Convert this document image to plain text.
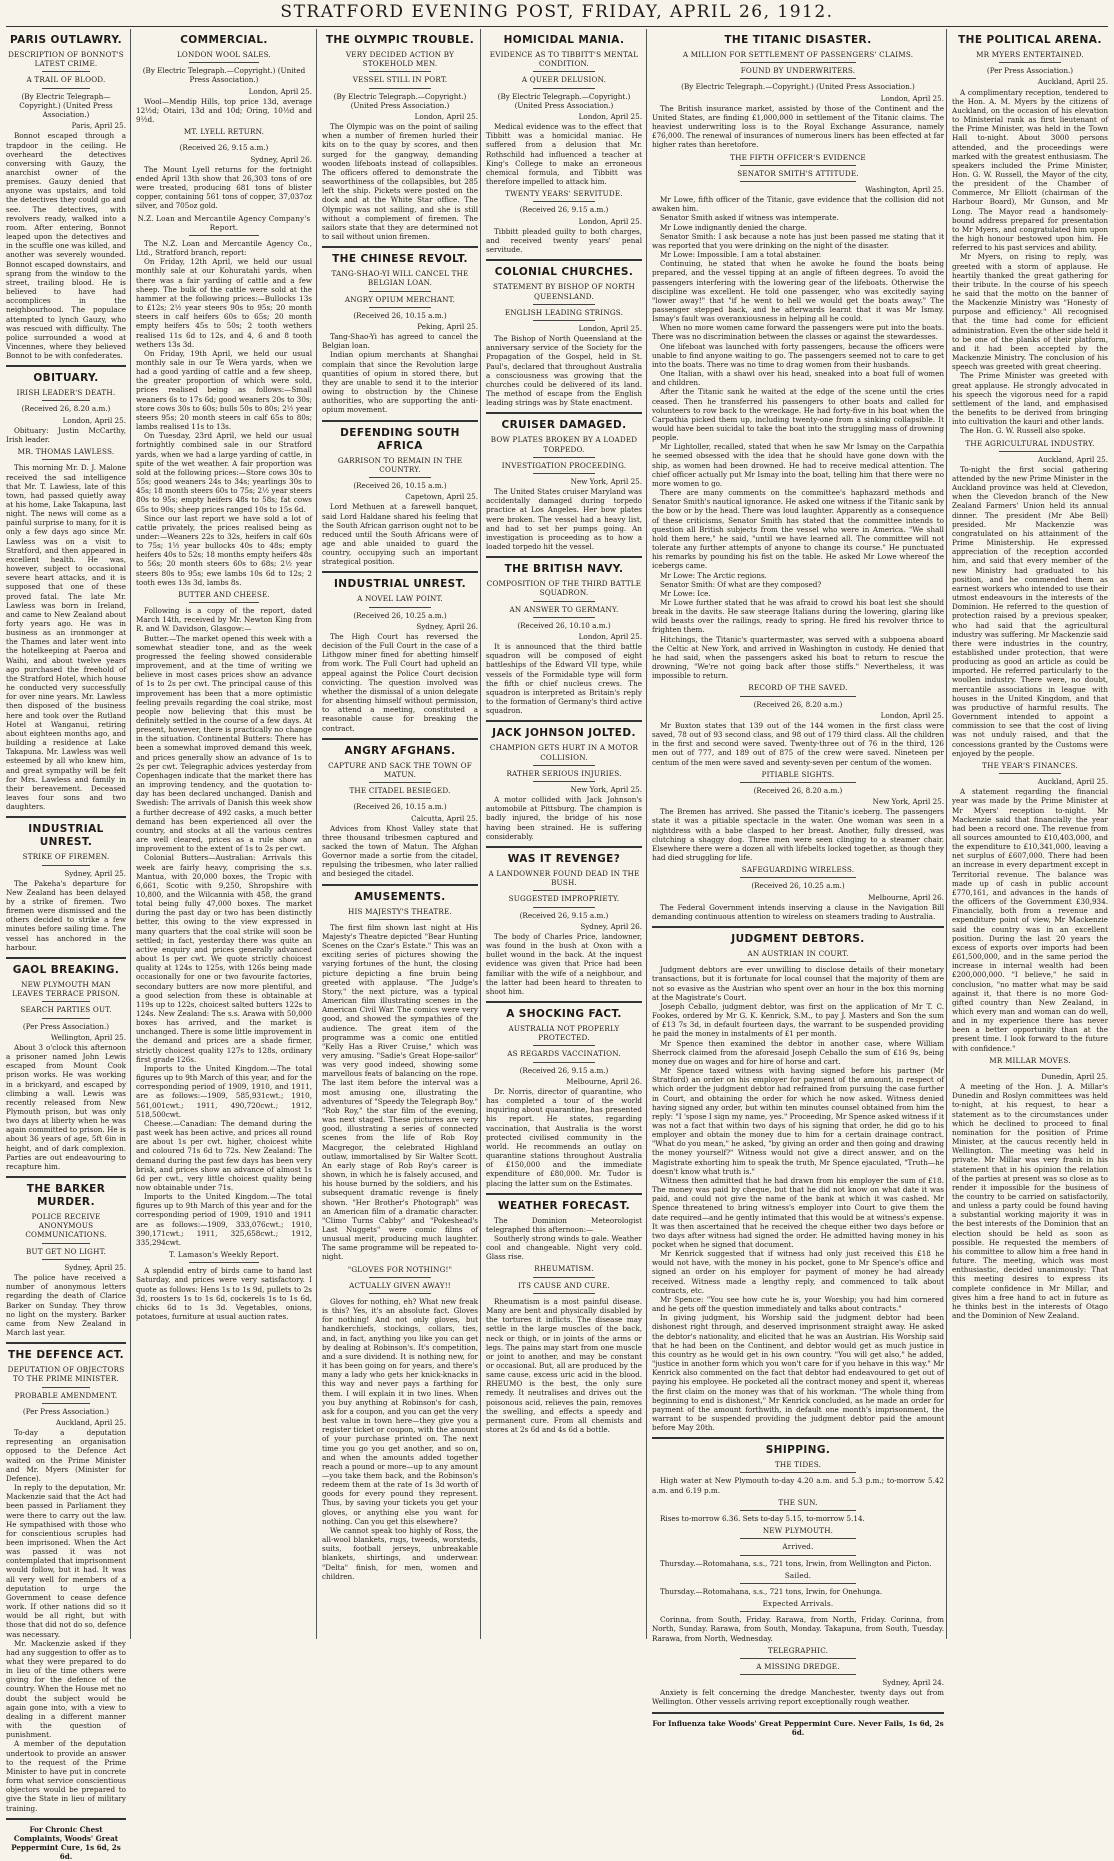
STRATFORD EVENING POST, FRIDAY, APRIL 26, 1912.
PARIS OUTLAWRY.
DESCRIPTION OF BONNOT'S LATEST CRIME.
A TRAIL OF BLOOD.
(By Electric Telegraph—Copyright.) (United Press Association.)
Paris, April 25.

Bonnot escaped through a trapdoor in the ceiling. He overheard the detectives conversing with Gauzy, the anarchist owner of the premises. Gauzy denied that anyone was upstairs, and told the detectives they could go and see. The detectives, with revolvers ready, walked into a room. After entering, Bonnot leaped upon the detectives and in the scuffle one was killed, and another was severely wounded. Bonnot escaped downstairs, and sprang from the window to the street, trailing blood. He is believed to have had accomplices in the neighbourhood. The populace attempted to lynch Gauzy, who was rescued with difficulty. The police surrounded a wood at Vincennes, where they believed Bonnot to be with confederates.

OBITUARY.
IRISH LEADER'S DEATH.
(Received 26, 8.20 a.m.)
London, April 25.

Obituary: Justin McCarthy, Irish leader.

MR. THOMAS LAWLESS.

This morning Mr. D. J. Malone received the sad intelligence that Mr. T. Lawless, late of this town, had passed quietly away at his home, Lake Takapuna, last night. The news will come as a painful surprise to many, for it is only a few days ago since Mr. Lawless was on a visit to Stratford, and then appeared in excellent health. He was, however, subject to occasional severe heart attacks, and it is supposed that one of these proved fatal. The late Mr. Lawless was born in Ireland, and came to New Zealand about forty years ago. He was in business as an ironmonger at the Thames and later went into the hotelkeeping at Paeroa and Waihi, and about twelve years ago purchased the freehold of the Stratford Hotel, which house he conducted very successfully for over nine years. Mr. Lawless then disposed of the business here and took over the Rutland Hotel at Wanganui, retiring about eighteen months ago, and building a residence at Lake Takapuna. Mr. Lawless was well esteemed by all who knew him, and great sympathy will be felt for Mrs. Lawless and family in their bereavement. Deceased leaves four sons and two daughters.

INDUSTRIAL UNREST.
STRIKE OF FIREMEN.
Sydney, April 25.

The Pakeha's departure for New Zealand has been delayed by a strike of firemen. Two firemen were dismissed and the others decided to strike a few minutes before sailing time. The vessel has anchored in the harbour.

GAOL BREAKING.
NEW PLYMOUTH MAN LEAVES TERRACE PRISON.
SEARCH PARTIES OUT.
(Per Press Association.)
Wellington, April 25.

About 3 o'clock this afternoon a prisoner named John Lewis escaped from Mount Cook prison works. He was working in a brickyard, and escaped by climbing a wall. Lewis was recently released from New Plymouth prison, but was only two days at liberty when he was again committed to prison. He is about 36 years of age, 5ft 6in in height, and of dark complexion. Parties are out endeavouring to recapture him.

THE BARKER MURDER.
POLICE RECEIVE ANONYMOUS COMMUNICATIONS.
BUT GET NO LIGHT.
Sydney, April 25.

The police have received a number of anonymous letters regarding the death of Clarice Barker on Sunday. They throw no light on the mystery. Barker came from New Zealand in March last year.

THE DEFENCE ACT.
DEPUTATION OF OBJECTORS TO THE PRIME MINISTER.
PROBABLE AMENDMENT.
(Per Press Association.)
Auckland, April 25.

To-day a deputation representing an organisation opposed to the Defence Act waited on the Prime Minister and Mr. Myers (Minister for Defence).

In reply to the deputation, Mr. Mackenzie said that the Act had been passed in Parliament they were there to carry out the law. He sympathised with those who for conscientious scruples had been imprisoned. When the Act was passed it was not contemplated that imprisonment would follow, but it had. It was all very well for members of a deputation to urge the Government to cease defence work. If other nations did so it would be all right, but with those that did not do so, defence was necessary.

Mr. Mackenzie asked if they had any suggestion to offer as to what they were prepared to do in lieu of the time others were giving for the defence of the country. When the House met no doubt the subject would be again gone into, with a view to dealing in a different manner with the question of punishment.

A member of the deputation undertook to provide an answer to the request of the Prime Minister to have put in concrete form what service conscientious objectors would be prepared to give the State in lieu of military training.

For Chronic Chest Complaints, Woods' Great Peppermint Cure, 1s 6d, 2s 6d.
COMMERCIAL.
LONDON WOOL SALES.
(By Electric Telegraph.—Copyright.) (United Press Association.)
London, April 25.

Wool—Mendip Hills, top price 13d, average 12½d; Otairi, 13d and 10d; Oring, 10½d and 9½d.

MT. LYELL RETURN.
(Received 26, 9.15 a.m.)
Sydney, April 26.

The Mount Lyell returns for the fortnight ended April 13th show that 26,303 tons of ore were treated, producing 681 tons of blister copper, containing 561 tons of copper, 37,037oz silver, and 705oz gold.

N.Z. Loan and Mercantile Agency Company's Report.

The N.Z. Loan and Mercantile Agency Co., Ltd., Stratford branch, report:

On Friday, 12th April, we held our usual monthly sale at our Kohuratahi yards, when there was a fair yarding of cattle and a few sheep. The bulk of the cattle were sold at the hammer at the following prices:—Bullocks 13s to £12s; 2½ year steers 90s to 95s; 20 month steers in calf heifers 60s to 65s; 20 month empty heifers 45s to 50s; 2 tooth wethers realised 11s 6d to 12s, and 4, 6 and 8 tooth wethers 13s 3d.

On Friday, 19th April, we held our usual monthly sale in our Te Wera yards, when we had a good yarding of cattle and a few sheep, the greater proportion of which were sold, prices realised being as follows:—Small weaners 6s to 17s 6d; good weaners 20s to 30s; store cows 30s to 60s; bulls 50s to 80s; 2½ year steers 95s; 20 month steers in calf 65s to 80s; lambs realised 11s to 13s.

On Tuesday, 23rd April, we held our usual fortnightly combined sale in our Stratford yards, when we had a large yarding of cattle, in spite of the wet weather. A fair proportion was sold at the following prices:—Store cows 30s to 55s; good weaners 24s to 34s; yearlings 30s to 45s; 18 month steers 60s to 75s; 2½ year steers 80s to 95s; empty heifers 48s to 58s; fat cows 65s to 90s; sheep prices ranged 10s to 15s 6d.

Since our last report we have sold a lot of cattle privately, the prices realised being as under:—Weaners 22s to 32s, heifers in calf 60s to 75s; 1½ year bullocks 40s to 48s; empty heifers 40s to 52s; 18 months empty heifers 48s to 56s; 20 month steers 60s to 68s; 2½ year steers 80s to 95s; ewe lambs 10s 6d to 12s; 2 tooth ewes 13s 3d, lambs 8s.

BUTTER AND CHEESE.

Following is a copy of the report, dated March 14th, received by Mr. Newton King from R. and W. Davidson, Glasgow:—

Butter.—The market opened this week with a somewhat steadier tone, and as the week progressed the feeling showed considerable improvement, and at the time of writing we believe in most cases prices show an advance of 1s to 2s per cwt. The principal cause of this improvement has been that a more optimistic feeling prevails regarding the coal strike, most people now believing that this must be definitely settled in the course of a few days. At present, however, there is practically no change in the situation. Continental Butters: There has been a somewhat improved demand this week, and prices generally show an advance of 1s to 2s per cwt. Telegraphic advices yesterday from Copenhagen indicate that the market there has an improving tendency, and the quotation to-day has been declared unchanged. Danish and Swedish: The arrivals of Danish this week show a further decrease of 492 casks, a much better demand has been experienced all over the country, and stocks at all the various centres are well cleared, prices as a rule show an improvement to the extent of 1s to 2s per cwt.

Colonial Butters—Australian: Arrivals this week are fairly heavy, comprising the s.s. Mantua, with 20,000 boxes, the Tropic with 6,661, Scotic with 9,250, Shropshire with 10,800, and the Wilcannia with 458, the grand total being fully 47,000 boxes. The market during the past day or two has been distinctly better, this owing to the view expressed in many quarters that the coal strike will soon be settled; in fact, yesterday there was quite an active enquiry and prices generally advanced about 1s per cwt. We quote strictly choicest quality at 124s to 125s, with 126s being made occasionally for one or two favourite factories, secondary butters are now more plentiful, and a good selection from these is obtainable at 119s up to 122s, choicest salted butters 122s to 124s. New Zealand: The s.s. Arawa with 50,000 boxes has arrived, and the market is unchanged. There is some little improvement in the demand and prices are a shade firmer, strictly choicest quality 127s to 128s, ordinary first grade 126s.

Imports to the United Kingdom.—The total figures up to 9th March of this year, and for the corresponding period of 1909, 1910, and 1911, are as follows:—1909, 585,931cwt.; 1910, 561,001cwt.; 1911, 490,720cwt.; 1912, 518,500cwt.

Cheese.—Canadian: The demand during the past week has been active, and prices all round are about 1s per cwt. higher, choicest white and coloured 71s 6d to 72s. New Zealand: The demand during the past few days has been very brisk, and prices show an advance of almost 1s 6d per cwt., very little choicest quality being now obtainable under 71s.

Imports to the United Kingdom.—The total figures up to 9th March of this year and for the corresponding period of 1909, 1910 and 1911 are as follows:—1909, 333,076cwt.; 1910, 390,171cwt.; 1911, 325,658cwt.; 1912, 335,294cwt.

T. Lamason's Weekly Report.

A splendid entry of birds came to hand last Saturday, and prices were very satisfactory. I quote as follows: Hens 1s to 1s 9d, pullets to 2s 3d, roosters 1s to 1s 6d, cockerels 1s to 1s 6d, chicks 6d to 1s 3d. Vegetables, onions, potatoes, furniture at usual auction rates.

THE OLYMPIC TROUBLE.
VERY DECIDED ACTION BY STOKEHOLD MEN.
VESSEL STILL IN PORT.
(By Electric Telegraph.—Copyright.) (United Press Association.)
London, April 25.

The Olympic was on the point of sailing when a number of firemen hurled their kits on to the quay by scores, and then surged for the gangway, demanding wooden lifeboats instead of collapsibles. The officers offered to demonstrate the seaworthiness of the collapsibles, but 285 left the ship. Pickets were posted on the dock and at the White Star office. The Olympic was not sailing, and she is still without a complement of firemen. The sailors state that they are determined not to sail without union firemen.

THE CHINESE REVOLT.
TANG-SHAO-YI WILL CANCEL THE BELGIAN LOAN.
ANGRY OPIUM MERCHANT.
(Received 26, 10.15 a.m.)
Peking, April 25.

Tang-Shao-Yi has agreed to cancel the Belgian loan.

Indian opium merchants at Shanghai complain that since the Revolution large quantities of opium in stored there, but they are unable to send it to the interior owing to obstruction by the Chinese authorities, who are supporting the anti-opium movement.

DEFENDING SOUTH AFRICA
GARRISON TO REMAIN IN THE COUNTRY.
(Received 26, 10.15 a.m.)
Capetown, April 25.

Lord Methuen at a farewell banquet, said Lord Haldane shared his feeling that the South African garrison ought not to be reduced until the South Africans were of age and able unaided to guard the country, occupying such an important strategical position.

INDUSTRIAL UNREST.
A NOVEL LAW POINT.
(Received 26, 10.25 a.m.)
Sydney, April 26.

The High Court has reversed the decision of the Full Court in the case of a Lithgow miner fined for abetting himself from work. The Full Court had upheld an appeal against the Police Court decision convicting. The question involved was whether the dismissal of a union delegate for absenting himself without permission, to attend a meeting, constituted a reasonable cause for breaking the contract.

ANGRY AFGHANS.
CAPTURE AND SACK THE TOWN OF MATUN.
THE CITADEL BESIEGED.
(Received 26, 10.15 a.m.)
Calcutta, April 25.

Advices from Khost Valley state that three thousand tribesmen captured and sacked the town of Matun. The Afghan Governor made a sortie from the citadel, repulsing the tribesmen, who later rallied and besieged the citadel.

AMUSEMENTS.
HIS MAJESTY'S THEATRE.

The first film shown last night at His Majesty's Theatre depicted "Bear Hunting Scenes on the Czar's Estate." This was an exciting series of pictures showing the varying fortunes of the hunt, the closing picture depicting a fine bruin being greeted with applause. "The Judge's Story," the next picture, was a typical American film illustrating scenes in the American Civil War. The comics were very good, and showed the sympathies of the audience. The great item of the programme was a comic one entitled "Kelly Has a River Cruise," which was very amusing. "Sadie's Great Hope-sailor" was very good indeed, showing some marvellous feats of balancing on the rope. The last item before the interval was a most amusing one, illustrating the adventures of "Speedy the Telegraph Boy." "Rob Roy," the star film of the evening, was next staged. These pictures are very good, illustrating a series of connected scenes from the life of Rob Roy Macgregor, the celebrated Highland outlaw, immortalised by Sir Walter Scott. An early stage of Rob Roy's career is shown, in which he is falsely accused, and his house burned by the soldiers, and his subsequent dramatic revenge is finely shown. "Her Brother's Photograph" was an American film of a dramatic character. "Climo Turns Cabby" and "Pokeshead's Last Nuggets" were comic films of unusual merit, producing much laughter. The same programme will be repeated to-night.

"GLOVES FOR NOTHING!"
ACTUALLY GIVEN AWAY!!

Gloves for nothing, eh? What new freak is this? Yes, it's an absolute fact. Gloves for nothing! And not only gloves, but handkerchiefs, stockings, collars, ties, and, in fact, anything you like you can get by dealing at Robinson's. It's competition, and a sure dividend. It is nothing new, for it has been going on for years, and there's many a lady who gets her knick-knacks in this way and never pays a farthing for them. I will explain it in two lines. When you buy anything at Robinson's for cash, ask for a coupon, and you can get the very best value in town here—they give you a register ticket or coupon, with the amount of your purchase printed on. The next time you go you get another, and so on, and when the amounts added together reach a pound or more—up to any amount—you take them back, and the Robinson's redeem them at the rate of 1s 3d worth of goods for every pound they represent. Thus, by saving your tickets you get your gloves, or anything else you want for nothing. Can you get this elsewhere?

We cannot speak too highly of Ross, the all-wool blankets, rugs, tweeds, worsteds, suits, football jerseys, unbreakable blankets, shirtings, and underwear. "Delta" finish, for men, women and children.

HOMICIDAL MANIA.
EVIDENCE AS TO TIBBITT'S MENTAL CONDITION.
A QUEER DELUSION.
(By Electric Telegraph.—Copyright.) (United Press Association.)
London, April 25.

Medical evidence was to the effect that Tibbitt was a homicidal maniac. He suffered from a delusion that Mr. Rothschild had influenced a teacher at King's College to make an erroneous chemical formula, and Tibbitt was therefore impelled to attack him.

TWENTY YEARS' SERVITUDE.
(Received 26, 9.15 a.m.)
London, April 25.

Tibbitt pleaded guilty to both charges, and received twenty years' penal servitude.

COLONIAL CHURCHES.
STATEMENT BY BISHOP OF NORTH QUEENSLAND.
ENGLISH LEADING STRINGS.
London, April 25.

The Bishop of North Queensland at the anniversary service of the Society for the Propagation of the Gospel, held in St. Paul's, declared that throughout Australia a consciousness was growing that the churches could be delivered of its land. The method of escape from the English leading strings was by State enactment.

CRUISER DAMAGED.
BOW PLATES BROKEN BY A LOADED TORPEDO.
INVESTIGATION PROCEEDING.
New York, April 25.

The United States cruiser Maryland was accidentally damaged during torpedo practice at Los Angeles. Her bow plates were broken. The vessel had a heavy list, and had to set her pumps going. An investigation is proceeding as to how a loaded torpedo hit the vessel.

THE BRITISH NAVY.
COMPOSITION OF THE THIRD BATTLE SQUADRON.
AN ANSWER TO GERMANY.
(Received 26, 10.10 a.m.)
London, April 25.

It is announced that the third battle squadron will be composed of eight battleships of the Edward VII type, while vessels of the Formidable type will form the fifth or chief nucleus crews. The squadron is interpreted as Britain's reply to the formation of Germany's third active squadron.

JACK JOHNSON JOLTED.
CHAMPION GETS HURT IN A MOTOR COLLISION.
RATHER SERIOUS INJURIES.
New York, April 25.

A motor collided with Jack Johnson's automobile at Pittsburg. The champion is badly injured, the bridge of his nose having been strained. He is suffering considerably.

WAS IT REVENGE?
A LANDOWNER FOUND DEAD IN THE BUSH.
SUGGESTED IMPROPRIETY.
(Received 26, 9.15 a.m.)
Sydney, April 26.

The body of Charles Price, landowner, was found in the bush at Oxon with a bullet wound in the back. At the inquest evidence was given that Price had been familiar with the wife of a neighbour, and the latter had been heard to threaten to shoot him.

A SHOCKING FACT.
AUSTRALIA NOT PROPERLY PROTECTED.
AS REGARDS VACCINATION.
(Received 26, 9.15 a.m.)
Melbourne, April 26.

Dr. Norris, director of quarantine, who has completed a tour of the world inquiring about quarantine, has presented his report. He states, regarding vaccination, that Australia is the worst protected civilised community in the world. He recommends an outlay on quarantine stations throughout Australia of £150,000 and the immediate expenditure of £80,000. Mr. Tudor is placing the latter sum on the Estimates.

WEATHER FORECAST.

The Dominion Meteorologist telegraphed this afternoon:—

Southerly strong winds to gale. Weather cool and changeable. Night very cold. Glass rise.

RHEUMATISM.
ITS CAUSE AND CURE.

Rheumatism is a most painful disease. Many are bent and physically disabled by the tortures it inflicts. The disease may settle in the large muscles of the back, neck or thigh, or in joints of the arms or legs. The pains may start from one muscle or joint to another, and may be constant or occasional. But, all are produced by the same cause, excess uric acid in the blood. RHEUMO is the best, the only sure remedy. It neutralises and drives out the poisonous acid, relieves the pain, removes the swelling, and effects a speedy and permanent cure. From all chemists and stores at 2s 6d and 4s 6d a bottle.

THE TITANIC DISASTER.
A MILLION FOR SETTLEMENT OF PASSENGERS' CLAIMS.
FOUND BY UNDERWRITERS.
(By Electric Telegraph.—Copyright.) (United Press Association.)
London, April 25.

The British insurance market, assisted by those of the Continent and the United States, are finding £1,000,000 in settlement of the Titanic claims. The heaviest underwriting loss is to the Royal Exchange Assurance, namely £76,000. The renewal of insurances of numerous liners has been effected at far higher rates than heretofore.

THE FIFTH OFFICER'S EVIDENCE
SENATOR SMITH'S ATTITUDE.
Washington, April 25.

Mr Lowe, fifth officer of the Titanic, gave evidence that the collision did not awaken him.

Senator Smith asked if witness was intemperate.

Mr Lowe indignantly denied the charge.

Senator Smith: I ask because a note has just been passed me stating that it was reported that you were drinking on the night of the disaster.

Mr Lowe: Impossible. I am a total abstainer.

Continuing, he stated that when he awoke he found the boats being prepared, and the vessel tipping at an angle of fifteen degrees. To avoid the passengers interfering with the lowering gear of the lifeboats. Otherwise the discipline was excellent. He told one passenger, who was excitedly saying "lower away!" that "if he went to hell we would get the boats away." The passenger stepped back, and he afterwards learnt that it was Mr Ismay. Ismay's fault was overanxiousness in helping all he could.

When no more women came forward the passengers were put into the boats. There was no discrimination between the classes or against the stewardesses.

One lifeboat was launched with forty passengers, because the officers were unable to find anyone waiting to go. The passengers seemed not to care to get into the boats. There was no time to drag women from their husbands.

One Italian, with a shawl over his head, sneaked into a boat full of women and children.

After the Titanic sank he waited at the edge of the scene until the cries ceased. Then he transferred his passengers to other boats and called for volunteers to row back to the wreckage. He had forty-five in his boat when the Carpathia picked them up, including twenty-one from a sinking collapsible. It would have been suicidal to take the boat into the struggling mass of drowning people.

Mr Lightoller, recalled, stated that when he saw Mr Ismay on the Carpathia he seemed obsessed with the idea that he should have gone down with the ship, as women had been drowned. He had to receive medical attention. The chief officer actually put Mr Ismay into the boat, telling him that there were no more women to go.

There are many comments on the committee's haphazard methods and Senator Smith's nautical ignorance. He asked one witness if the Titanic sank by the bow or by the head. There was loud laughter. Apparently as a consequence of these criticisms, Senator Smith has stated that the committee intends to question all British subjects from the vessel who were in America. "We shall hold them here," he said, "until we have learned all. The committee will not tolerate any further attempts of anyone to change its course." He punctuated his remarks by pounding his fist on the table. He asked Mr Lowe whereof the icebergs came.

Mr Lowe: The Arctic regions.

Senator Smith: Of what are they composed?

Mr Lowe: Ice.

Mr Lowe further stated that he was afraid to crowd his boat lest she should break in the davits. He saw steerage Italians during the lowering, glaring like wild beasts over the railings, ready to spring. He fired his revolver thrice to frighten them.

Hitchings, the Titanic's quartermaster, was served with a subpoena aboard the Celtic at New York, and arrived in Washington in custody. He denied that he had said, when the passengers asked his boat to return to rescue the drowning, "We're not going back after those stiffs." Nevertheless, it was impossible to return.

RECORD OF THE SAVED.
(Received 26, 8.20 a.m.)
London, April 25.

Mr Buxton states that 139 out of the 144 women in the first class were saved, 78 out of 93 second class, and 98 out of 179 third class. All the children in the first and second were saved. Twenty-three out of 76 in the third, 126 men out of 777, and 189 out of 875 of the crew were saved. Nineteen per centum of the men were saved and seventy-seven per centum of the women.

PITIABLE SIGHTS.
(Received 26, 8.20 a.m.)
New York, April 25.

The Bremen has arrived. She passed the Titanic's iceberg. The passengers state it was a pitiable spectacle in the water. One woman was seen in a nightdress with a babe clasped to her breast. Another, fully dressed, was clutching a shaggy dog. Three men were seen clinging to a steamer chair. Elsewhere there were a dozen all with lifebelts locked together, as though they had died struggling for life.

SAFEGUARDING WIRELESS.
(Received 26, 10.25 a.m.)
Melbourne, April 26.

The Federal Government intends inserving a clause in the Navigation Bill demanding continuous attention to wireless on steamers trading to Australia.

JUDGMENT DEBTORS.
AN AUSTRIAN IN COURT.

Judgment debtors are ever unwilling to disclose details of their monetary transactions, but it is fortunate for local counsel that the majority of them are not so evasive as the Austrian who spent over an hour in the box this morning at the Magistrate's Court.

Joseph Ceballo, judgment debtor, was first on the application of Mr T. C. Fookes, ordered by Mr G. K. Kenrick, S.M., to pay J. Masters and Son the sum of £13 7s 3d, in default fourteen days, the warrant to be suspended providing he paid the money in instalments of £1 per month.

Mr Spence then examined the debtor in another case, where William Sherrock claimed from the aforesaid Joseph Ceballo the sum of £16 9s, being money due on wages and for hire of horse and cart.

Mr Spence taxed witness with having signed before his partner (Mr Stratford) an order on his employer for payment of the amount, in respect of which order the judgment debtor had refrained from pursuing the case further in Court, and obtaining the order for which he now asked. Witness denied having signed any order, but within ten minutes counsel obtained from him the reply: "I 'spose I sign my name, yes." Proceeding, Mr Spence asked witness if it was not a fact that within two days of his signing that order, he did go to his employer and obtain the money due to him for a certain drainage contract. "What do you mean," he asked, "by giving an order and then going and drawing the money yourself?" Witness would not give a direct answer, and on the Magistrate exhorting him to speak the truth, Mr Spence ejaculated, "Truth—he doesn't know what truth is."

Witness then admitted that he had drawn from his employer the sum of £18. The money was paid by cheque, but that he did not know on what date it was paid, and could not give the name of the bank at which it was cashed. Mr Spence threatened to bring witness's employer into Court to give them the date required—and he gently intimated that this would be at witness's expense. It was then ascertained that he received the cheque either two days before or two days after witness had signed the order. He admitted having money in his pocket when he signed that document.

Mr Kenrick suggested that if witness had only just received this £18 he would not have, with the money in his pocket, gone to Mr Spence's office and signed an order on his employer for payment of money he had already received. Witness made a lengthy reply, and commenced to talk about contracts, etc.

Mr Spence: "You see how cute he is, your Worship; you had him cornered and he gets off the question immediately and talks about contracts."

In giving judgment, his Worship said the judgment debtor had been dishonest right through, and deserved imprisonment straight away. He asked the debtor's nationality, and elicited that he was an Austrian. His Worship said that he had been on the Continent, and debtor would get as much justice in this country as he would get in his own country. "You will get also," he added, "justice in another form which you won't care for if you behave in this way." Mr Kenrick also commented on the fact that debtor had endeavoured to get out of paying his employee. He pocketed all the contract money and spent it, whereas the first claim on the money was that of his workman. "The whole thing from beginning to end is dishonest," Mr Kenrick concluded, as he made an order for payment of the amount forthwith, in default one month's imprisonment, the warrant to be suspended providing the judgment debtor paid the amount before May 20th.

SHIPPING.
THE TIDES.

High water at New Plymouth to-day 4.20 a.m. and 5.3 p.m.; to-morrow 5.42 a.m. and 6.19 p.m.

THE SUN.

Rises to-morrow 6.36. Sets to-day 5.15, to-morrow 5.14.

NEW PLYMOUTH.
Arrived.

Thursday.—Rotomahana, s.s., 721 tons, Irwin, from Wellington and Picton.

Sailed.

Thursday.—Rotomahana, s.s., 721 tons, Irwin, for Onehunga.

Expected Arrivals.

Corinna, from South, Friday. Rarawa, from North, Friday. Corinna, from North, Sunday. Rarawa, from South, Monday. Takapuna, from South, Tuesday. Rarawa, from North, Wednesday.

TELEGRAPHIC.
A MISSING DREDGE.
Sydney, April 24.

Anxiety is felt concerning the dredge Manchester, twenty days out from Wellington. Other vessels arriving report exceptionally rough weather.

For Influenza take Woods' Great Peppermint Cure. Never Fails, 1s 6d, 2s 6d.
THE POLITICAL ARENA.
MR MYERS ENTERTAINED.
(Per Press Association.)
Auckland, April 25.

A complimentary reception, tendered to the Hon. A. M. Myers by the citizens of Auckland, on the occasion of his elevation to Ministerial rank as first lieutenant of the Prime Minister, was held in the Town Hall to-night. About 3000 persons attended, and the proceedings were marked with the greatest enthusiasm. The speakers included the Prime Minister, Hon. G. W. Russell, the Mayor of the city, the president of the Chamber of Commerce, Mr Elliott (chairman of the Harbour Board), Mr Gunson, and Mr Long. The Mayor read a handsomely-bound address prepared for presentation to Mr Myers, and congratulated him upon the high honour bestowed upon him. He referred to his past services and ability.

Mr Myers, on rising to reply, was greeted with a storm of applause. He heartily thanked the great gathering for their tribute. In the course of his speech he said that the motto on the banner of the Mackenzie Ministry was "Honesty of purpose and efficiency." All recognised that the time had come for efficient administration. Even the other side held it to be one of the planks of their platform, and it had been accepted by the Mackenzie Ministry. The conclusion of his speech was greeted with great cheering.

The Prime Minister was greeted with great applause. He strongly advocated in his speech the vigorous need for a rapid settlement of the land, and emphasised the benefits to be derived from bringing into cultivation the kauri and other lands.

The Hon. G. W. Russell also spoke.

THE AGRICULTURAL INDUSTRY.
Auckland, April 25.

To-night the first social gathering attended by the new Prime Minister in the Auckland province was held at Clevedon, when the Clevedon branch of the New Zealand Farmers' Union held its annual dinner. The president (Mr Abe Bell) presided. Mr Mackenzie was congratulated on his attainment of the Prime Ministership. He expressed appreciation of the reception accorded him, and said that every member of the new Ministry had graduated to his position, and he commended them as earnest workers who intended to use their utmost endeavours in the interests of the Dominion. He referred to the question of protection raised by a previous speaker, who had said that the agricultural industry was suffering. Mr Mackenzie said there were industries in the country, established under protection, that were producing as good an article as could be imported. He referred particularly to the woollen industry. There were, no doubt, mercantile associations in league with houses in the United Kingdom, and that was productive of harmful results. The Government intended to appoint a commission to see that the cost of living was not unduly raised, and that the concessions granted by the Customs were enjoyed by the people.

THE YEAR'S FINANCES.
Auckland, April 25.

A statement regarding the financial year was made by the Prime Minister at Mr Myers' reception to-night. Mr Mackenzie said that financially the year had been a record one. The revenue from all sources amounted to £10,403,000, and the expenditure to £10,341,000, leaving a net surplus of £607,000. There had been an increase in every department except in Territorial revenue. The balance was made up of cash in public account £770,161, and advances in the hands of the officers of the Government £30,934. Financially, both from a revenue and expenditure point of view, Mr Mackenzie said the country was in an excellent position. During the last 20 years the excess of exports over imports had been £61,500,000, and in the same period the increase in internal wealth had been £200,000,000. "I believe," he said in conclusion, "no matter what may be said against it, that there is no more God-gifted country than New Zealand, in which every man and woman can do well, and in my experience there has never been a better opportunity than at the present time. I look forward to the future with confidence."

MR MILLAR MOVES.
Dunedin, April 25.

A meeting of the Hon. J. A. Millar's Dunedin and Roslyn committees was held to-night, at his request, to hear a statement as to the circumstances under which he declined to proceed to final nomination for the position of Prime Minister, at the caucus recently held in Wellington. The meeting was held in private. Mr Millar was very frank in his statement that in his opinion the relation of the parties at present was so close as to render it impossible for the business of the country to be carried on satisfactorily, and unless a party could be found having a substantial working majority it was in the best interests of the Dominion that an election should be held as soon as possible. He requested the members of his committee to allow him a free hand in future. The meeting, which was most enthusiastic, decided unanimously: That this meeting desires to express its complete confidence in Mr Millar, and gives him a free hand to act in future as he thinks best in the interests of Otago and the Dominion of New Zealand.
